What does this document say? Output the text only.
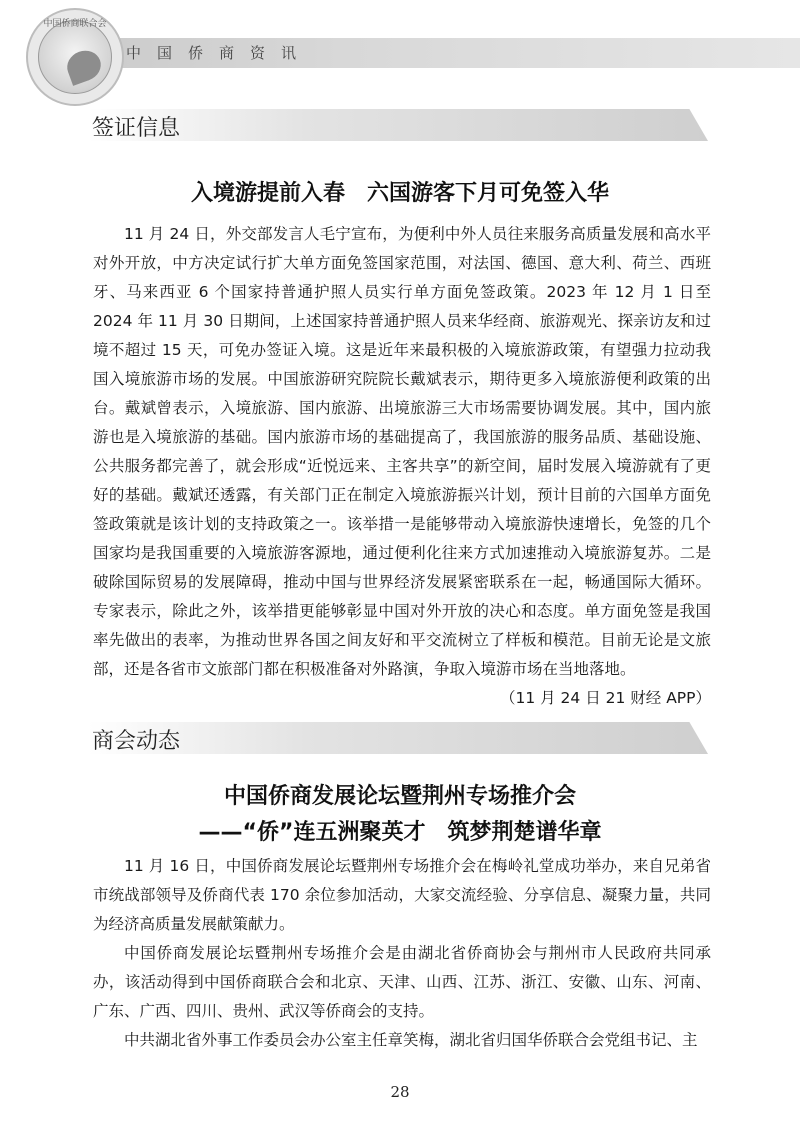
中国侨商资讯
中国侨商联合会
签证信息
入境游提前入春　六国游客下月可免签入华

11 月 24 日，外交部发言人毛宁宣布，为便利中外人员往来服务高质量发展和高水平对外开放，中方决定试行扩大单方面免签国家范围，对法国、德国、意大利、荷兰、西班牙、马来西亚 6 个国家持普通护照人员实行单方面免签政策。2023 年 12 月 1 日至 2024 年 11 月 30 日期间，上述国家持普通护照人员来华经商、旅游观光、探亲访友和过境不超过 15 天，可免办签证入境。这是近年来最积极的入境旅游政策，有望强力拉动我国入境旅游市场的发展。中国旅游研究院院长戴斌表示，期待更多入境旅游便利政策的出台。戴斌曾表示，入境旅游、国内旅游、出境旅游三大市场需要协调发展。其中，国内旅游也是入境旅游的基础。国内旅游市场的基础提高了，我国旅游的服务品质、基础设施、公共服务都完善了，就会形成“近悦远来、主客共享”的新空间，届时发展入境游就有了更好的基础。戴斌还透露，有关部门正在制定入境旅游振兴计划，预计目前的六国单方面免签政策就是该计划的支持政策之一。该举措一是能够带动入境旅游快速增长，免签的几个国家均是我国重要的入境旅游客源地，通过便利化往来方式加速推动入境旅游复苏。二是破除国际贸易的发展障碍，推动中国与世界经济发展紧密联系在一起，畅通国际大循环。专家表示，除此之外，该举措更能够彰显中国对外开放的决心和态度。单方面免签是我国率先做出的表率，为推动世界各国之间友好和平交流树立了样板和模范。目前无论是文旅部，还是各省市文旅部门都在积极准备对外路演，争取入境游市场在当地落地。

（11 月 24 日 21 财经 APP）
商会动态
中国侨商发展论坛暨荆州专场推介会
——“侨”连五洲聚英才　筑梦荆楚谱华章

11 月 16 日，中国侨商发展论坛暨荆州专场推介会在梅岭礼堂成功举办，来自兄弟省市统战部领导及侨商代表 170 余位参加活动，大家交流经验、分享信息、凝聚力量，共同为经济高质量发展献策献力。

中国侨商发展论坛暨荆州专场推介会是由湖北省侨商协会与荆州市人民政府共同承办，该活动得到中国侨商联合会和北京、天津、山西、江苏、浙江、安徽、山东、河南、广东、广西、四川、贵州、武汉等侨商会的支持。

中共湖北省外事工作委员会办公室主任章笑梅，湖北省归国华侨联合会党组书记、主

28
